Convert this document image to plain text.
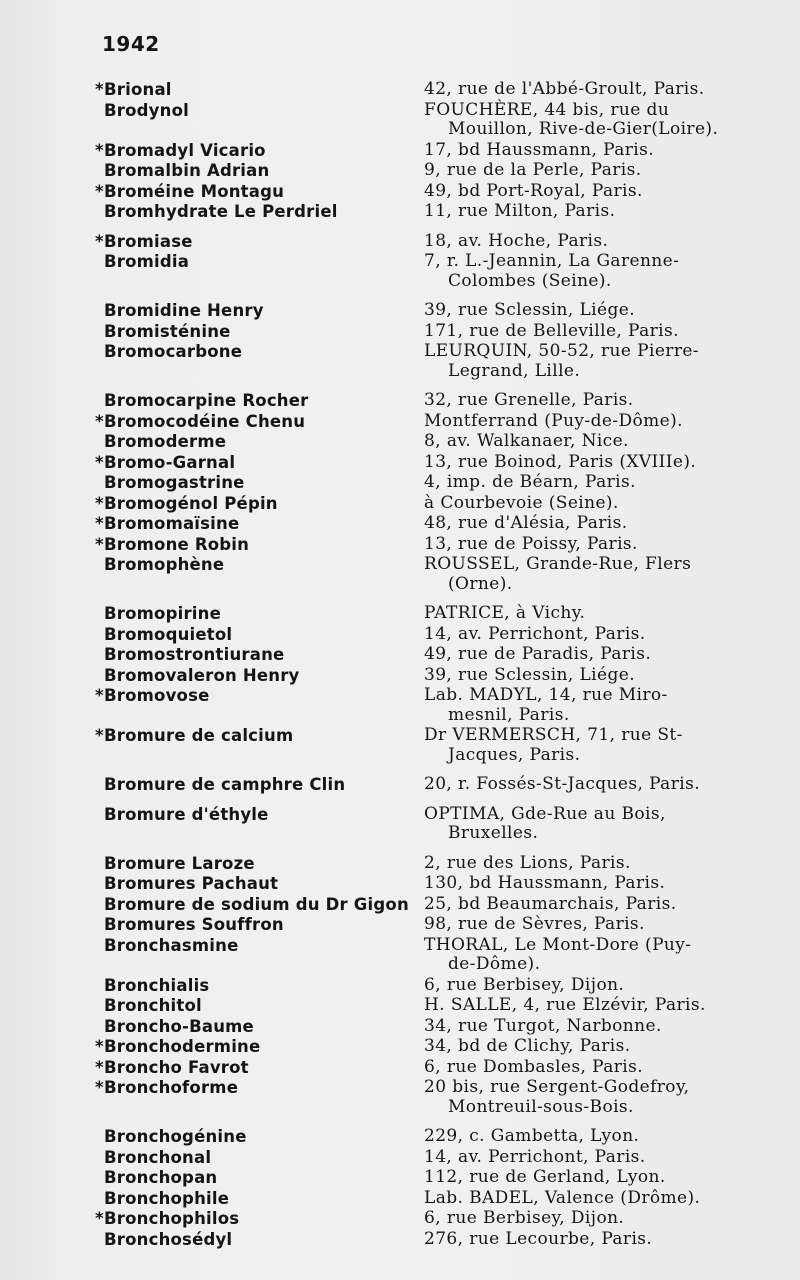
1942
*Brional	42, rue de l'Abbé-Groult, Paris.
Brodynol	FOUCHÈRE, 44 bis, rue du
Mouillon, Rive-de-Gier(Loire).
*Bromadyl Vicario	17, bd Haussmann, Paris.
Bromalbin Adrian	9, rue de la Perle, Paris.
*Broméine Montagu	49, bd Port-Royal, Paris.
Bromhydrate Le Perdriel	11, rue Milton, Paris.
*Bromiase	18, av. Hoche, Paris.
Bromidia	7, r. L.-Jeannin, La Garenne-
Colombes (Seine).
Bromidine Henry	39, rue Sclessin, Liége.
Bromisténine	171, rue de Belleville, Paris.
Bromocarbone	LEURQUIN, 50-52, rue Pierre-
Legrand, Lille.
Bromocarpine Rocher	32, rue Grenelle, Paris.
*Bromocodéine Chenu	Montferrand (Puy-de-Dôme).
Bromoderme	8, av. Walkanaer, Nice.
*Bromo-Garnal	13, rue Boinod, Paris (XVIIIe).
Bromogastrine	4, imp. de Béarn, Paris.
*Bromogénol Pépin	à Courbevoie (Seine).
*Bromomaïsine	48, rue d'Alésia, Paris.
*Bromone Robin	13, rue de Poissy, Paris.
Bromophène	ROUSSEL, Grande-Rue, Flers
(Orne).
Bromopirine	PATRICE, à Vichy.
Bromoquietol	14, av. Perrichont, Paris.
Bromostrontiurane	49, rue de Paradis, Paris.
Bromovaleron Henry	39, rue Sclessin, Liége.
*Bromovose	Lab. MADYL, 14, rue Miro-
mesnil, Paris.
*Bromure de calcium	Dr VERMERSCH, 71, rue St-
Jacques, Paris.
Bromure de camphre Clin	20, r. Fossés-St-Jacques, Paris.
Bromure d'éthyle	OPTIMA, Gde-Rue au Bois,
Bruxelles.
Bromure Laroze	2, rue des Lions, Paris.
Bromures Pachaut	130, bd Haussmann, Paris.
Bromure de sodium du Dr Gigon 25, bd Beaumarchais, Paris.
Bromures Souffron	98, rue de Sèvres, Paris.
Bronchasmine	THORAL, Le Mont-Dore (Puy-
de-Dôme).
Bronchialis	6, rue Berbisey, Dijon.
Bronchitol	H. SALLE, 4, rue Elzévir, Paris.
Broncho-Baume	34, rue Turgot, Narbonne.
*Bronchodermine	34, bd de Clichy, Paris.
*Broncho Favrot	6, rue Dombasles, Paris.
*Bronchoforme	20 bis, rue Sergent-Godefroy,
Montreuil-sous-Bois.
Bronchogénine	229, c. Gambetta, Lyon.
Bronchonal	14, av. Perrichont, Paris.
Bronchopan	112, rue de Gerland, Lyon.
Bronchophile	Lab. BADEL, Valence (Drôme).
*Bronchophilos	6, rue Berbisey, Dijon.
Bronchosédyl	276, rue Lecourbe, Paris.
